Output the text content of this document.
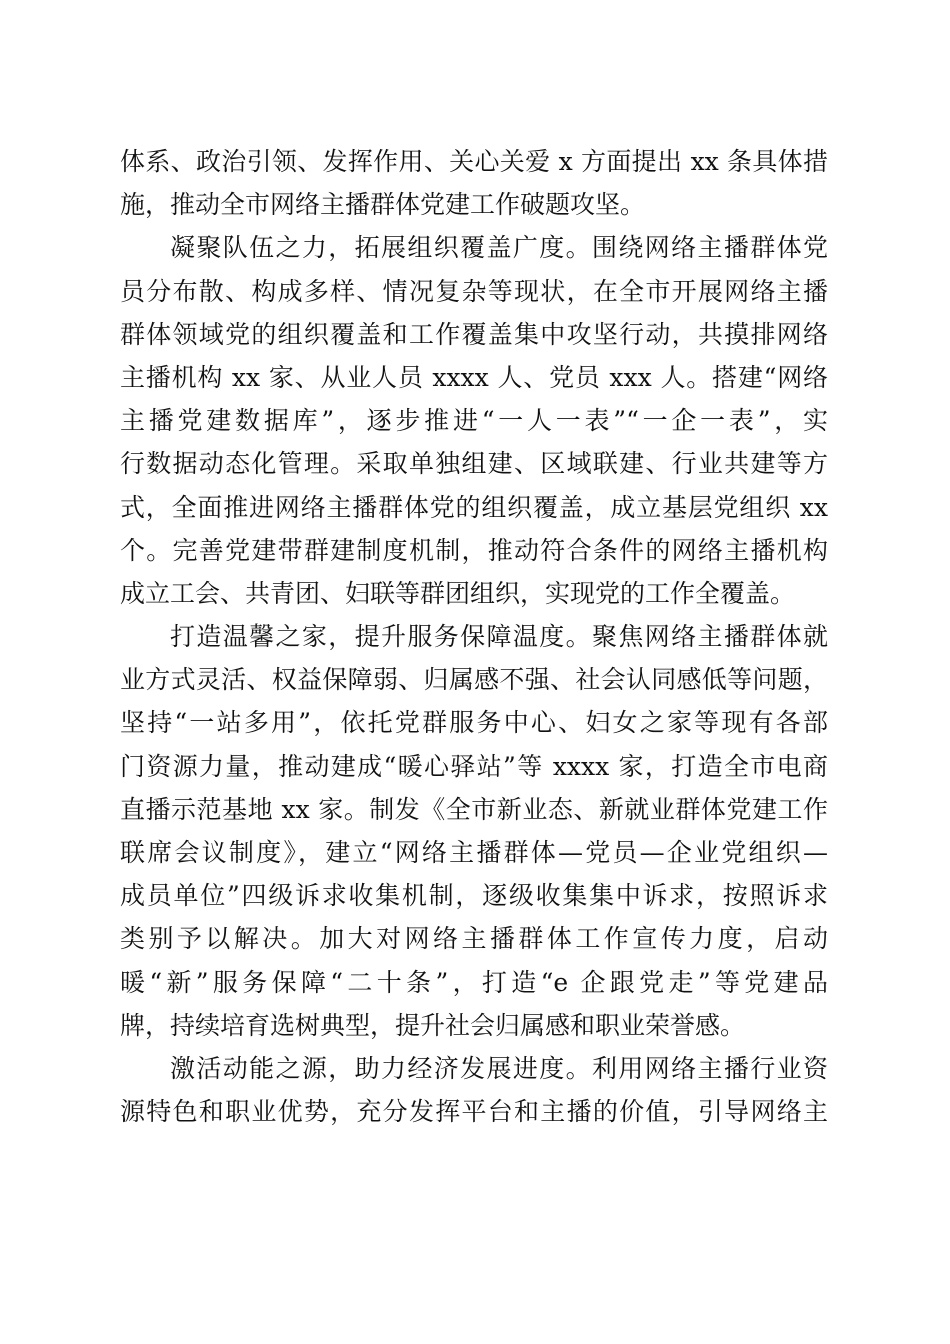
体系、政治引领、发挥作用、关心关爱 x 方面提出 xx 条具体措
施，推动全市网络主播群体党建工作破题攻坚。
凝聚队伍之力，拓展组织覆盖广度。围绕网络主播群体党
员分布散、构成多样、情况复杂等现状，在全市开展网络主播
群体领域党的组织覆盖和工作覆盖集中攻坚行动，共摸排网络
主播机构 xx 家、从业人员 xxxx 人、党员 xxx 人。搭建“网络
主播党建数据库”，逐步推进“一人一表”“一企一表”，实
行数据动态化管理。采取单独组建、区域联建、行业共建等方
式，全面推进网络主播群体党的组织覆盖，成立基层党组织 xx
个。完善党建带群建制度机制，推动符合条件的网络主播机构
成立工会、共青团、妇联等群团组织，实现党的工作全覆盖。
打造温馨之家，提升服务保障温度。聚焦网络主播群体就
业方式灵活、权益保障弱、归属感不强、社会认同感低等问题，
坚持“一站多用”，依托党群服务中心、妇女之家等现有各部
门资源力量，推动建成“暖心驿站”等 xxxx 家，打造全市电商
直播示范基地 xx 家。制发《全市新业态、新就业群体党建工作
联席会议制度》，建立“网络主播群体—党员—企业党组织—
成员单位”四级诉求收集机制，逐级收集集中诉求，按照诉求
类别予以解决。加大对网络主播群体工作宣传力度，启动
暖“新”服务保障“二十条”，打造“e 企跟党走”等党建品
牌，持续培育选树典型，提升社会归属感和职业荣誉感。
激活动能之源，助力经济发展进度。利用网络主播行业资
源特色和职业优势，充分发挥平台和主播的价值，引导网络主
